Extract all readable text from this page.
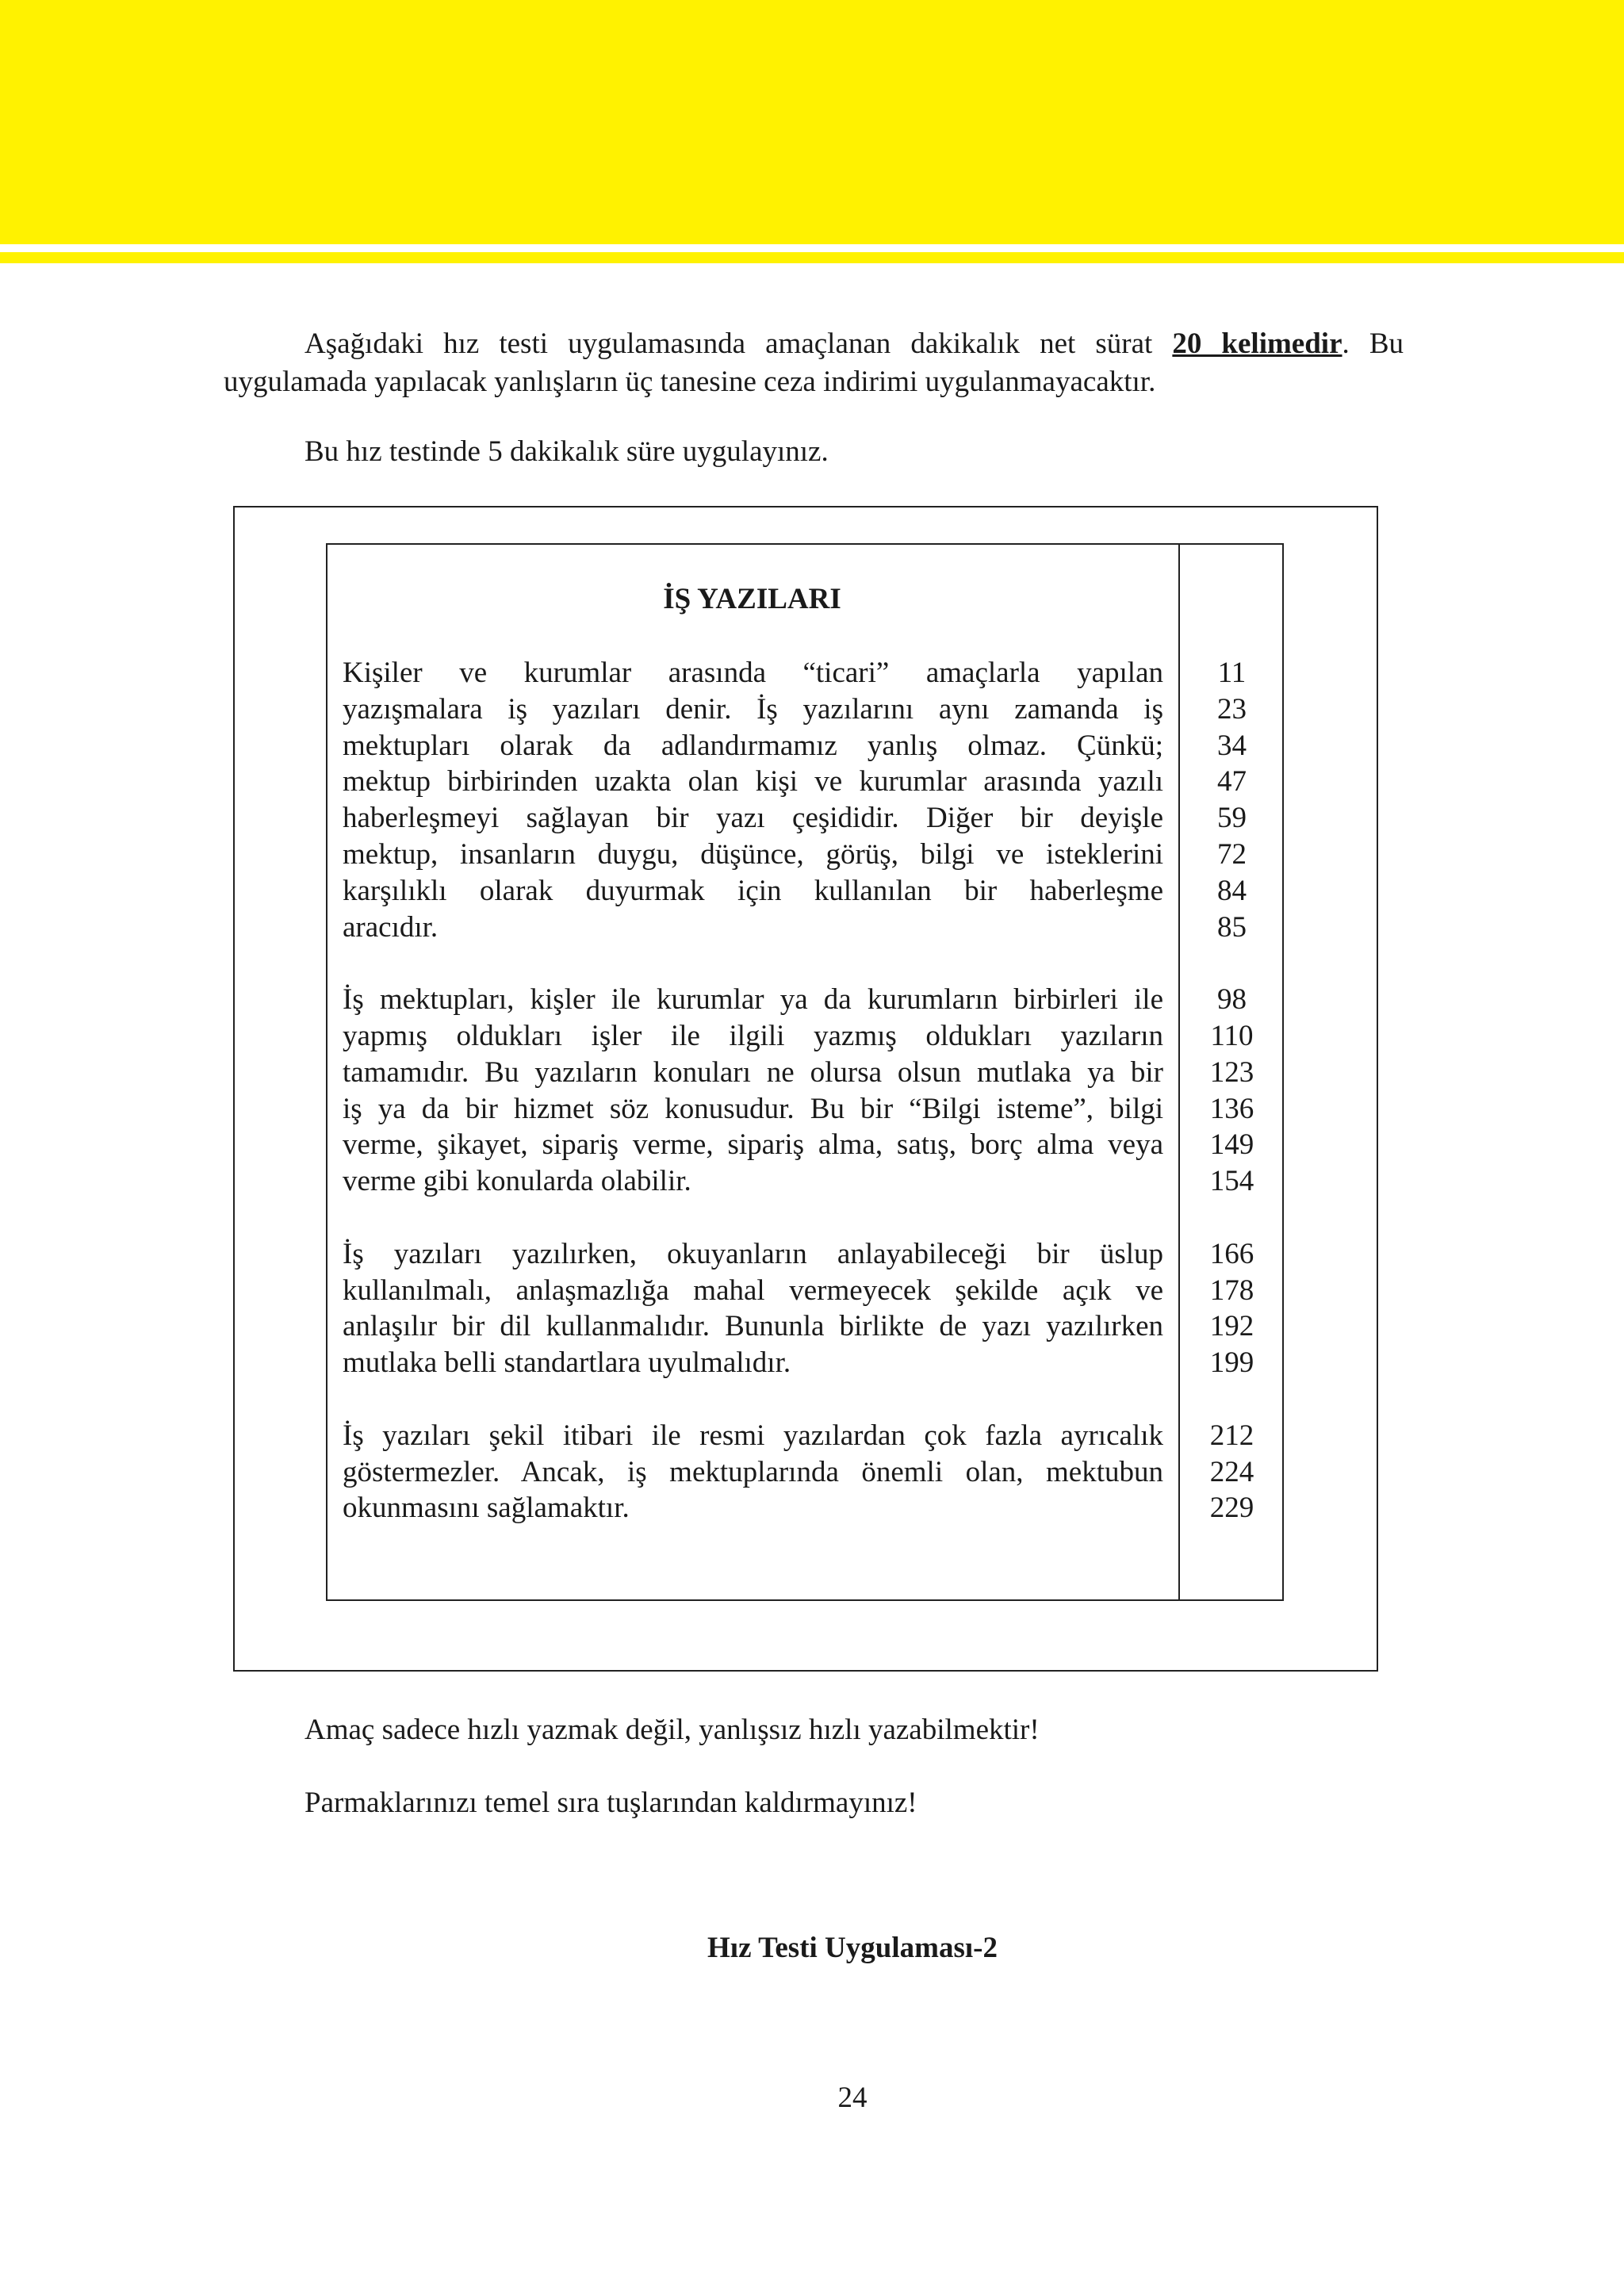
Aşağıdaki hız testi uygulamasında amaçlanan dakikalık net sürat 20 kelimedir. Bu uygulamada yapılacak yanlışların üç tanesine ceza indirimi uygulanmayacaktır.

Bu hız testinde 5 dakikalık süre uygulayınız.

İŞ YAZILARI

Kişiler ve kurumlar arasında “ticari” amaçlarla yapılan
yazışmalara iş yazıları denir. İş yazılarını aynı zamanda iş
mektupları olarak da adlandırmamız yanlış olmaz. Çünkü;
mektup birbirinden uzakta olan kişi ve kurumlar arasında yazılı
haberleşmeyi sağlayan bir yazı çeşididir. Diğer bir deyişle
mektup, insanların duygu, düşünce, görüş, bilgi ve isteklerini
karşılıklı olarak duyurmak için kullanılan bir haberleşme
aracıdır.

İş mektupları, kişler ile kurumlar ya da kurumların birbirleri ile
yapmış oldukları işler ile ilgili yazmış oldukları yazıların
tamamıdır. Bu yazıların konuları ne olursa olsun mutlaka ya bir
iş ya da bir hizmet söz konusudur. Bu bir “Bilgi isteme”, bilgi
verme, şikayet, sipariş verme, sipariş alma, satış, borç alma veya
verme gibi konularda olabilir.

İş yazıları yazılırken, okuyanların anlayabileceği bir üslup
kullanılmalı, anlaşmazlığa mahal vermeyecek şekilde açık ve
anlaşılır bir dil kullanmalıdır. Bununla birlikte de yazı yazılırken
mutlaka belli standartlara uyulmalıdır.

İş yazıları şekil itibari ile resmi yazılardan çok fazla ayrıcalık
göstermezler. Ancak, iş mektuplarında önemli olan, mektubun
okunmasını sağlamaktır.

11
23
34
47
59
72
84
85
98
110
123
136
149
154
166
178
192
199
212
224
229

Amaç sadece hızlı yazmak değil, yanlışsız hızlı yazabilmektir!

Parmaklarınızı temel sıra tuşlarından kaldırmayınız!

Hız Testi Uygulaması-2
24
